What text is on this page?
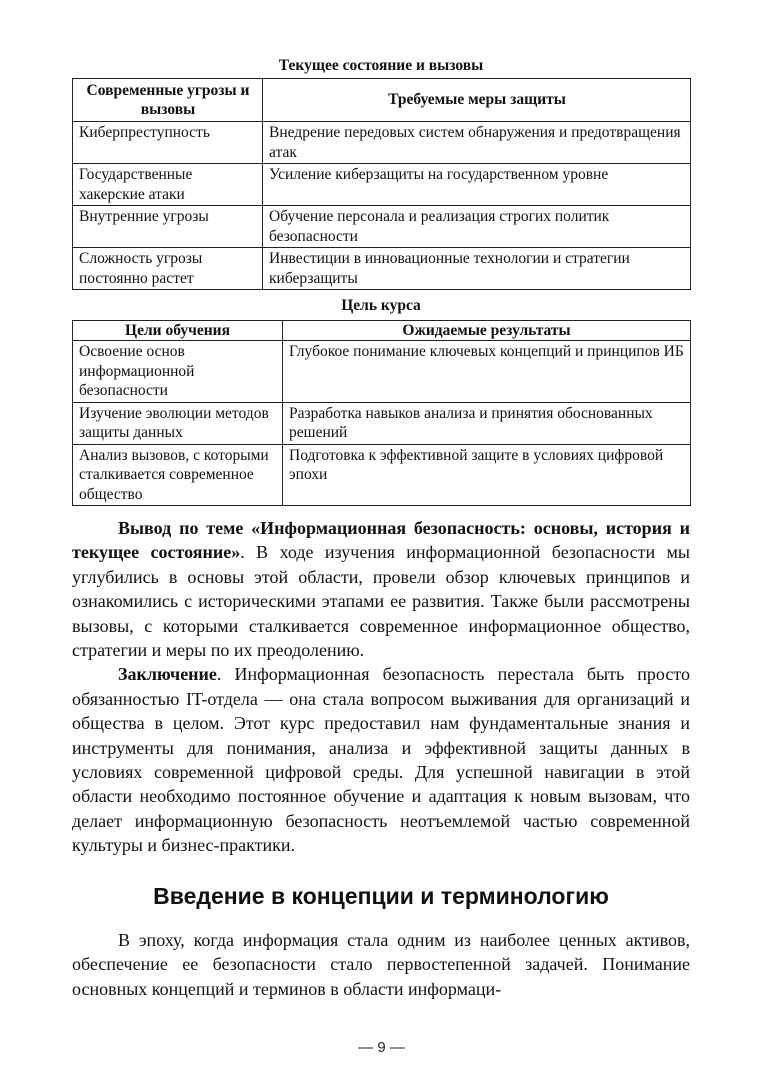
Текущее состояние и вызовы
Современные угрозы и вызовы	Требуемые меры защиты
Киберпреступность	Внедрение передовых систем обнаружения и предотвращения атак
Государственные хакерские атаки	Усиление киберзащиты на государственном уровне
Внутренние угрозы	Обучение персонала и реализация строгих политик безопасности
Сложность угрозы постоянно растет	Инвестиции в инновационные технологии и стратегии киберзащиты
Цель курса
Цели обучения	Ожидаемые результаты
Освоение основ информационной безопасности	Глубокое понимание ключевых концепций и принципов ИБ
Изучение эволюции методов защиты данных	Разработка навыков анализа и принятия обоснованных решений
Анализ вызовов, с которыми сталкивается современное общество	Подготовка к эффективной защите в условиях цифровой эпохи

Вывод по теме «Информационная безопасность: основы, история и текущее состояние». В ходе изучения информационной безопасности мы углубились в основы этой области, провели обзор ключевых принципов и ознакомились с историческими этапами ее развития. Также были рассмотрены вызовы, с которыми сталкивается современное информационное общество, стратегии и меры по их преодолению.

Заключение. Информационная безопасность перестала быть просто обязанностью IT-отдела — она стала вопросом выживания для организаций и общества в целом. Этот курс предоставил нам фундаментальные знания и инструменты для понимания, анализа и эффективной защиты данных в условиях современной цифровой среды. Для успешной навигации в этой области необходимо постоянное обучение и адаптация к новым вызовам, что делает информационную безопасность неотъемлемой частью современной культуры и бизнес-практики.

Введение в концепции и терминологию

В эпоху, когда информация стала одним из наиболее ценных активов, обеспечение ее безопасности стало первостепенной задачей. Понимание основных концепций и терминов в области информаци-

— 9 —
